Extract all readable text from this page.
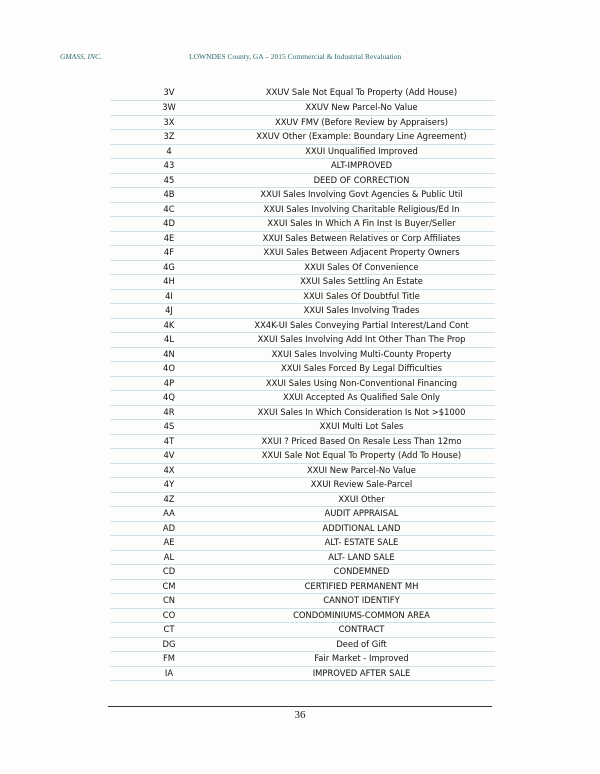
GMASS, INC.	LOWNDES County, GA – 2015 Commercial & Industrial Revaluation
3V	XXUV Sale Not Equal To Property (Add House)
3W	XXUV New Parcel-No Value
3X	XXUV FMV (Before Review by Appraisers)
3Z	XXUV Other (Example: Boundary Line Agreement)
4	XXUI Unqualified Improved
43	ALT-IMPROVED
45	DEED OF CORRECTION
4B	XXUI Sales Involving Govt Agencies & Public Util
4C	XXUI Sales Involving Charitable Religious/Ed In
4D	XXUI Sales In Which A Fin Inst Is Buyer/Seller
4E	XXUI Sales Between Relatives or Corp Affiliates
4F	XXUI Sales Between Adjacent Property Owners
4G	XXUI Sales Of Convenience
4H	XXUI Sales Settling An Estate
4I	XXUI Sales Of Doubtful Title
4J	XXUI Sales Involving Trades
4K	XX4K-UI Sales Conveying Partial Interest/Land Cont
4L	XXUI Sales Involving Add Int Other Than The Prop
4N	XXUI Sales Involving Multi-County Property
4O	XXUI Sales Forced By Legal Difficulties
4P	XXUI Sales Using Non-Conventional Financing
4Q	XXUI Accepted As Qualified Sale Only
4R	XXUI Sales In Which Consideration Is Not >$1000
4S	XXUI Multi Lot Sales
4T	XXUI ? Priced Based On Resale Less Than 12mo
4V	XXUI Sale Not Equal To Property (Add To House)
4X	XXUI New Parcel-No Value
4Y	XXUI Review Sale-Parcel
4Z	XXUI Other
AA	AUDIT APPRAISAL
AD	ADDITIONAL LAND
AE	ALT- ESTATE SALE
AL	ALT- LAND SALE
CD	CONDEMNED
CM	CERTIFIED PERMANENT MH
CN	CANNOT IDENTIFY
CO	CONDOMINIUMS-COMMON AREA
CT	CONTRACT
DG	Deed of Gift
FM	Fair Market - Improved
IA	IMPROVED AFTER SALE
36
